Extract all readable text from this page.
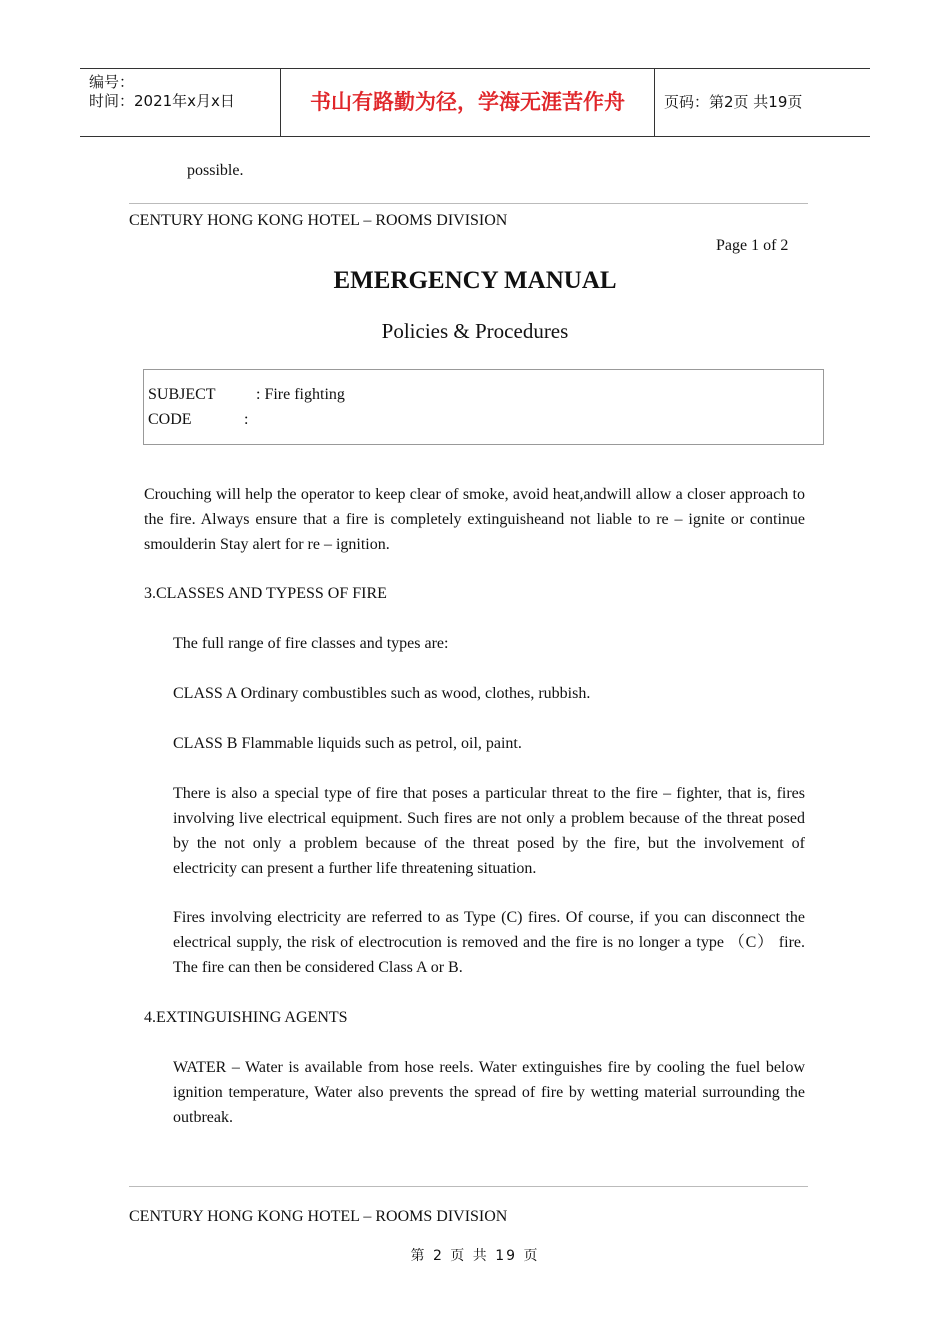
编号：
时间：2021年x月x日	书山有路勤为径，学海无涯苦作舟	页码：第2页 共19页
possible.
CENTURY HONG KONG HOTEL – ROOMS DIVISION
Page 1 of 2
EMERGENCY MANUAL
Policies & Procedures
SUBJECT	: Fire fighting
CODE	:
Crouching will help the operator to keep clear of smoke, avoid heat,andwill allow a closer approach to the fire. Always ensure that a fire is completely extinguisheand not liable to re – ignite or continue smoulderin Stay alert for re – ignition.
3.CLASSES AND TYPESS OF FIRE
The full range of fire classes and types are:
CLASS A Ordinary combustibles such as wood, clothes, rubbish.
CLASS B Flammable liquids such as petrol, oil, paint.
There is also a special type of fire that poses a particular threat to the fire – fighter, that is, fires involving live electrical equipment. Such fires are not only a problem because of the threat posed by the not only a problem because of the threat posed by the fire, but the involvement of electricity can present a further life threatening situation.
Fires involving electricity are referred to as Type (C) fires. Of course, if you can disconnect the electrical supply, the risk of electrocution is removed and the fire is no longer a type （C） fire. The fire can then be considered Class A or B.
4.EXTINGUISHING AGENTS
WATER – Water is available from hose reels. Water extinguishes fire by cooling the fuel below ignition temperature, Water also prevents the spread of fire by wetting material surrounding the outbreak.
CENTURY HONG KONG HOTEL – ROOMS DIVISION
第 2 页 共 19 页
